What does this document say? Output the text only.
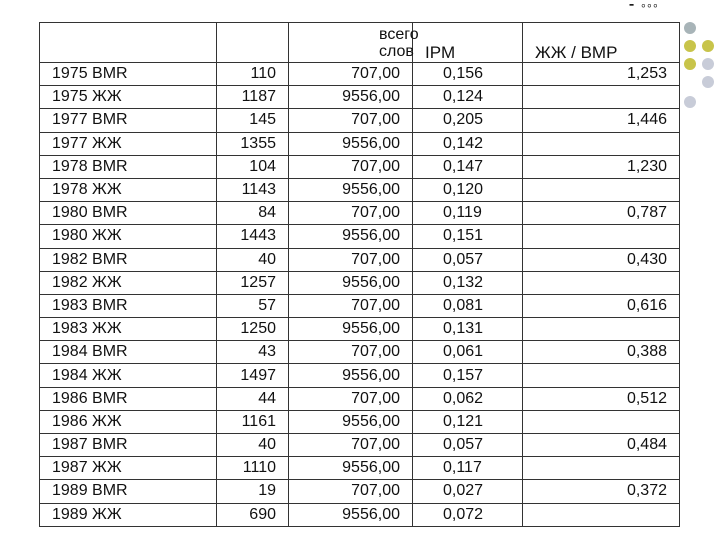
⁃ ◦◦◦
		всего слов	IPM	ЖЖ / ВМР
1975 BMR	110	707,00	0,156	1,253
1975 ЖЖ	1187	9556,00	0,124	
1977 BMR	145	707,00	0,205	1,446
1977 ЖЖ	1355	9556,00	0,142	
1978 BMR	104	707,00	0,147	1,230
1978 ЖЖ	1143	9556,00	0,120	
1980 BMR	84	707,00	0,119	0,787
1980 ЖЖ	1443	9556,00	0,151	
1982 BMR	40	707,00	0,057	0,430
1982 ЖЖ	1257	9556,00	0,132	
1983 BMR	57	707,00	0,081	0,616
1983 ЖЖ	1250	9556,00	0,131	
1984 BMR	43	707,00	0,061	0,388
1984 ЖЖ	1497	9556,00	0,157	
1986 BMR	44	707,00	0,062	0,512
1986 ЖЖ	1161	9556,00	0,121	
1987 BMR	40	707,00	0,057	0,484
1987 ЖЖ	1110	9556,00	0,117	
1989 BMR	19	707,00	0,027	0,372
1989 ЖЖ	690	9556,00	0,072	
